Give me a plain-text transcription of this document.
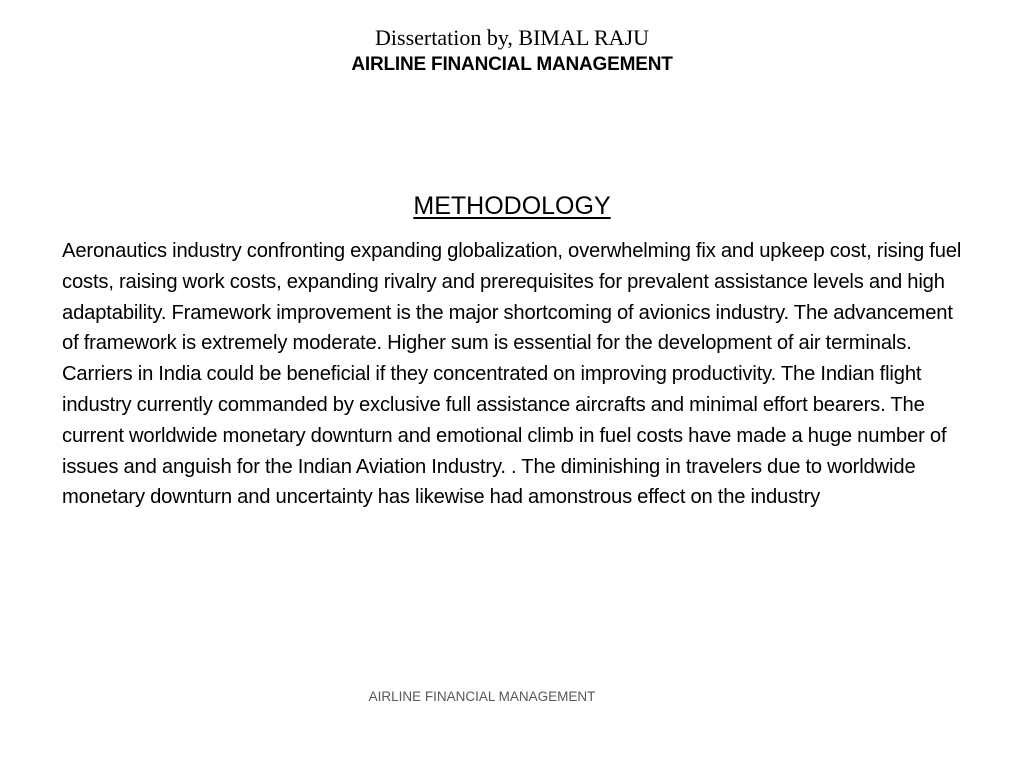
Dissertation by, BIMAL RAJU
AIRLINE FINANCIAL MANAGEMENT
METHODOLOGY

Aeronautics industry confronting expanding globalization, overwhelming fix and upkeep cost, rising fuel costs, raising work costs, expanding rivalry and prerequisites for prevalent assistance levels and high adaptability. Framework improvement is the major shortcoming of avionics industry. The advancement of framework is extremely moderate. Higher sum is essential for the development of air terminals. Carriers in India could be beneficial if they concentrated on improving productivity. The Indian flight industry currently commanded by exclusive full assistance aircrafts and minimal effort bearers. The current worldwide monetary downturn and emotional climb in fuel costs have made a huge number of issues and anguish for the Indian Aviation Industry. . The diminishing in travelers due to worldwide monetary downturn and uncertainty has likewise had amonstrous effect on the industry

AIRLINE FINANCIAL MANAGEMENT
